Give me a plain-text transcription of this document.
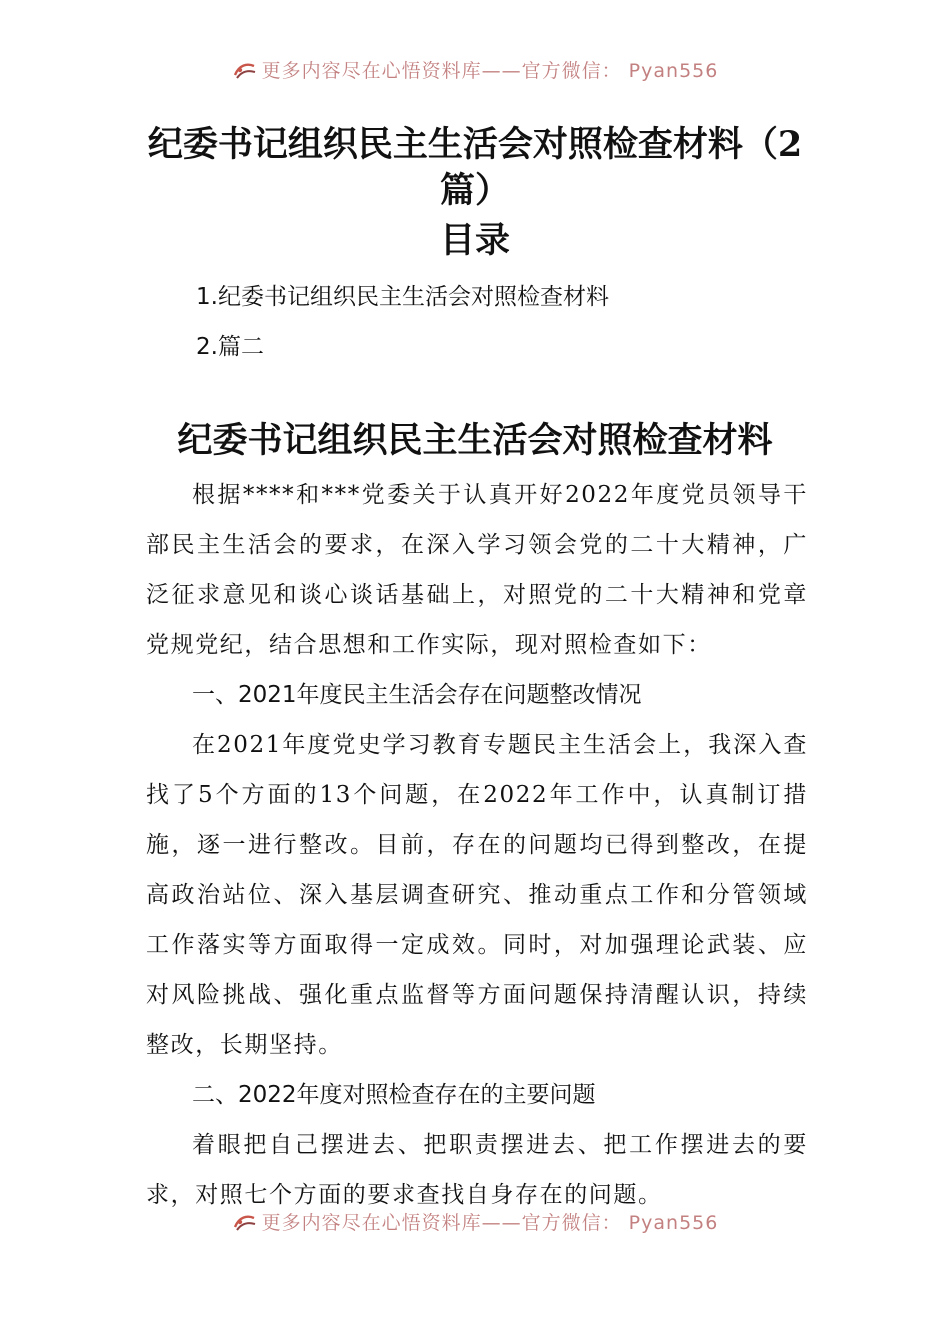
更多内容尽在心悟资料库——官方微信： Pyan556
纪委书记组织民主生活会对照检查材料（2篇）
目录
1.纪委书记组织民主生活会对照检查材料
2.篇二
纪委书记组织民主生活会对照检查材料

根据****和***党委关于认真开好2022年度党员领导干部民主生活会的要求，在深入学习领会党的二十大精神，广泛征求意见和谈心谈话基础上，对照党的二十大精神和党章党规党纪，结合思想和工作实际，现对照检查如下：

一、2021年度民主生活会存在问题整改情况

在2021年度党史学习教育专题民主生活会上，我深入查找了5个方面的13个问题，在2022年工作中，认真制订措施，逐一进行整改。目前，存在的问题均已得到整改，在提高政治站位、深入基层调查研究、推动重点工作和分管领域工作落实等方面取得一定成效。同时，对加强理论武装、应对风险挑战、强化重点监督等方面问题保持清醒认识，持续整改，长期坚持。

二、2022年度对照检查存在的主要问题

着眼把自己摆进去、把职责摆进去、把工作摆进去的要求，对照七个方面的要求查找自身存在的问题。

更多内容尽在心悟资料库——官方微信： Pyan556
